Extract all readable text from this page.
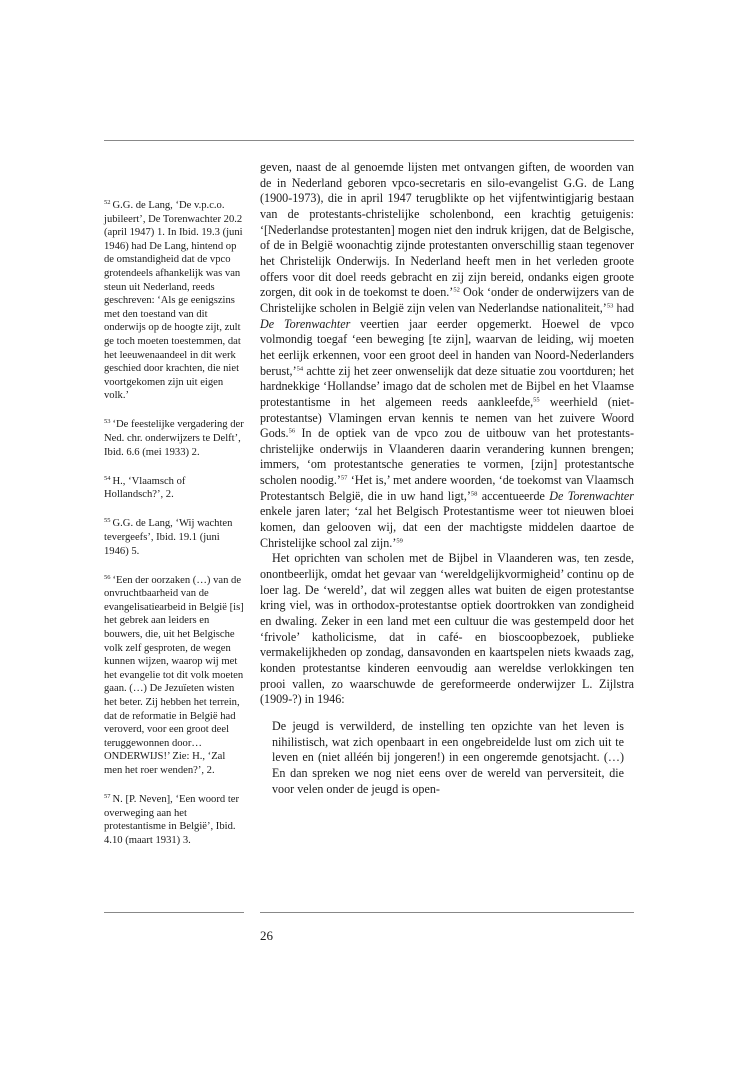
$^{52}$ G.G. de Lang, ‘De v.p.c.o. jubileert’, De Torenwachter 20.2 (april 1947) 1. In Ibid. 19.3 (juni 1946) had De Lang, hintend op de omstandigheid dat de vpco grotendeels afhankelijk was van steun uit Nederland, reeds geschreven: ‘Als ge eenigszins met den toestand van dit onderwijs op de hoogte zijt, zult ge toch moeten toestemmen, dat het leeuwenaandeel in dit werk geschied door krachten, die niet voortgekomen zijn uit eigen volk.’

$^{53}$ ‘De feestelijke vergadering der Ned. chr. onderwijzers te Delft’, Ibid. 6.6 (mei 1933) 2.

$^{54}$ H., ‘Vlaamsch of Hollandsch?’, 2.

$^{55}$ G.G. de Lang, ‘Wij wachten tevergeefs’, Ibid. 19.1 (juni 1946) 5.

$^{56}$ ‘Een der oorzaken (…) van de onvruchtbaarheid van de evangelisatiearbeid in België [is] het gebrek aan leiders en bouwers, die, uit het Belgische volk zelf gesproten, de wegen kunnen wijzen, waarop wij met het evangelie tot dit volk moeten gaan. (…) De Jezuïeten wisten het beter. Zij hebben het terrein, dat de reformatie in België had veroverd, voor een groot deel teruggewonnen door… ONDERWIJS!’ Zie: H., ‘Zal men het roer wenden?’, 2.

$^{57}$ N. [P. Neven], ‘Een woord ter overweging aan het protestantisme in België’, Ibid. 4.10 (maart 1931) 3.

geven, naast de al genoemde lijsten met ontvangen giften, de woorden van de in Nederland geboren vpco-secretaris en silo-evangelist G.G. de Lang (1900-1973), die in april 1947 terugblikte op het vijfentwintigjarig bestaan van de protestants-christelijke scholenbond, een krachtig getuigenis: ‘[Nederlandse protestanten] mogen niet den indruk krijgen, dat de Belgische, of de in België woonachtig zijnde protestanten onverschillig staan tegenover het Christelijk Onderwijs. In Nederland heeft men in het verleden groote offers voor dit doel reeds gebracht en zij zijn bereid, ondanks eigen groote zorgen, dit ook in de toekomst te doen.’$^{52}$ Ook ‘onder de onderwijzers van de Christelijke scholen in België zijn velen van Nederlandse nationaliteit,’$^{53}$ had De Torenwachter veertien jaar eerder opgemerkt. Hoewel de vpco volmondig toegaf ‘een beweging [te zijn], waarvan de leiding, wij moeten het eerlijk erkennen, voor een groot deel in handen van Noord-Nederlanders berust,’$^{54}$ achtte zij het zeer onwenselijk dat deze situatie zou voortduren; het hardnekkige ‘Hollandse’ imago dat de scholen met de Bijbel en het Vlaamse protestantisme in het algemeen reeds aankleefde,$^{55}$ weerhield (niet-protestantse) Vlamingen ervan kennis te nemen van het zuivere Woord Gods.$^{56}$ In de optiek van de vpco zou de uitbouw van het protestants-christelijke onderwijs in Vlaanderen daarin verandering kunnen brengen; immers, ‘om protestantsche generaties te vormen, [zijn] protestantsche scholen noodig.’$^{57}$ ‘Het is,’ met andere woorden, ‘de toekomst van Vlaamsch Protestantsch België, die in uw hand ligt,’$^{58}$ accentueerde De Torenwachter enkele jaren later; ‘zal het Belgisch Protestantisme weer tot nieuwen bloei komen, dan gelooven wij, dat een der machtigste middelen daartoe de Christelijke school zal zijn.’$^{59}$

Het oprichten van scholen met de Bijbel in Vlaanderen was, ten zesde, onontbeerlijk, omdat het gevaar van ‘wereldgelijkvormigheid’ continu op de loer lag. De ‘wereld’, dat wil zeggen alles wat buiten de eigen protestantse kring viel, was in orthodox-protestantse optiek doortrokken van zondigheid en dwaling. Zeker in een land met een cultuur die was gestempeld door het ‘frivole’ katholicisme, dat in café- en bioscoopbezoek, publieke vermakelijkheden op zondag, dansavonden en kaartspelen niets kwaads zag, konden protestantse kinderen eenvoudig aan wereldse verlokkingen ten prooi vallen, zo waarschuwde de gereformeerde onderwijzer L. Zijlstra (1909-?) in 1946:

De jeugd is verwilderd, de instelling ten opzichte van het leven is nihilistisch, wat zich openbaart in een ongebreidelde lust om zich uit te leven en (niet alléén bij jongeren!) in een ongeremde genotsjacht. (…) En dan spreken we nog niet eens over de wereld van perversiteit, die voor velen onder de jeugd is open-

26
